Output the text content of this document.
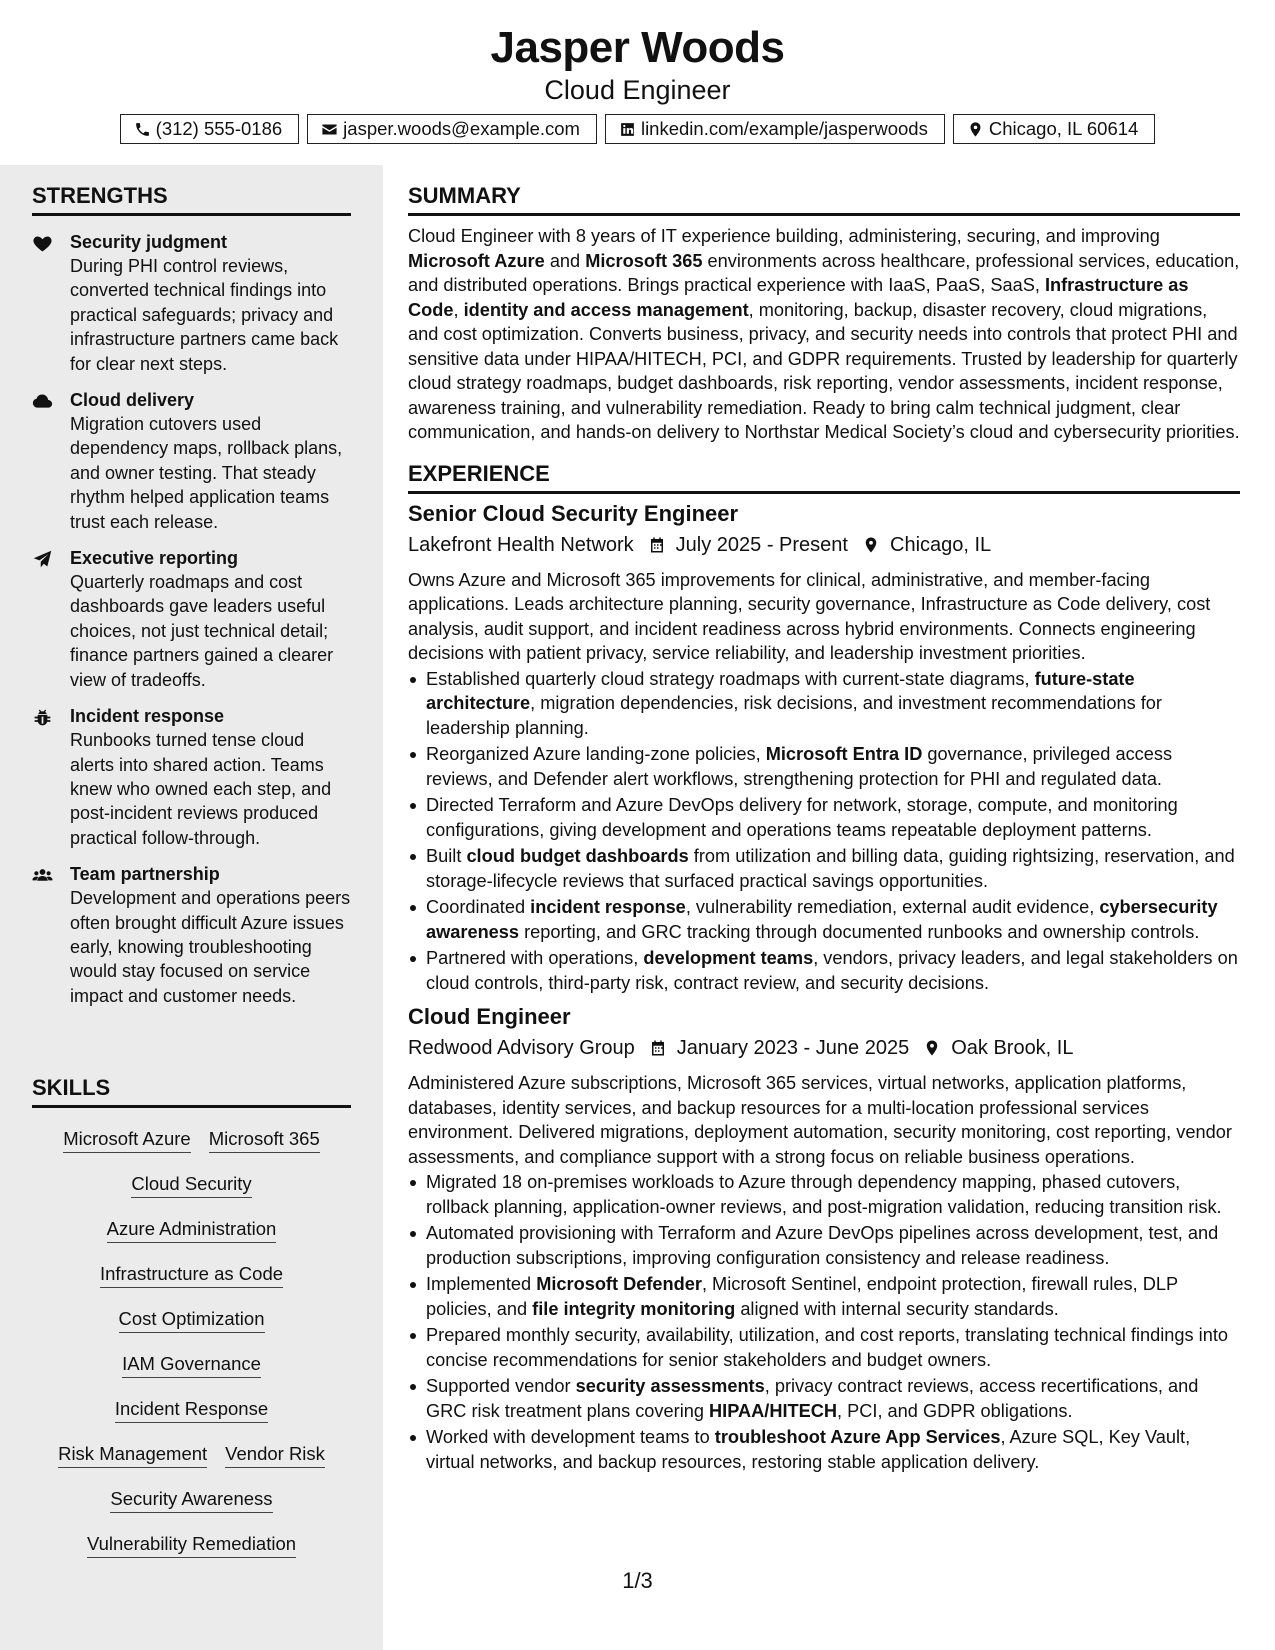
Jasper Woods
Cloud Engineer
(312) 555-0186	jasper.woods@example.com	linkedin.com/example/jasperwoods	Chicago, IL 60614
STRENGTHS
Security judgment
During PHI control reviews, converted technical findings into practical safeguards; privacy and infrastructure partners came back for clear next steps.
Cloud delivery
Migration cutovers used dependency maps, rollback plans, and owner testing. That steady rhythm helped application teams trust each release.
Executive reporting
Quarterly roadmaps and cost dashboards gave leaders useful choices, not just technical detail; finance partners gained a clearer view of tradeoffs.
Incident response
Runbooks turned tense cloud alerts into shared action. Teams knew who owned each step, and post-incident reviews produced practical follow-through.
Team partnership
Development and operations peers often brought difficult Azure issues early, knowing troubleshooting would stay focused on service impact and customer needs.
SKILLS
Microsoft Azure Microsoft 365
Cloud Security
Azure Administration
Infrastructure as Code
Cost Optimization
IAM Governance
Incident Response
Risk Management Vendor Risk
Security Awareness
Vulnerability Remediation
SUMMARY
Cloud Engineer with 8 years of IT experience building, administering, securing, and improving Microsoft Azure and Microsoft 365 environments across healthcare, professional services, education, and distributed operations. Brings practical experience with IaaS, PaaS, SaaS, Infrastructure as Code, identity and access management, monitoring, backup, disaster recovery, cloud migrations, and cost optimization. Converts business, privacy, and security needs into controls that protect PHI and sensitive data under HIPAA/HITECH, PCI, and GDPR requirements. Trusted by leadership for quarterly cloud strategy roadmaps, budget dashboards, risk reporting, vendor assessments, incident response, awareness training, and vulnerability remediation. Ready to bring calm technical judgment, clear communication, and hands-on delivery to Northstar Medical Society’s cloud and cybersecurity priorities.
EXPERIENCE
Senior Cloud Security Engineer
Lakefront Health Network July 2025 - Present Chicago, IL
Owns Azure and Microsoft 365 improvements for clinical, administrative, and member-facing applications. Leads architecture planning, security governance, Infrastructure as Code delivery, cost analysis, audit support, and incident readiness across hybrid environments. Connects engineering decisions with patient privacy, service reliability, and leadership investment priorities.
Established quarterly cloud strategy roadmaps with current-state diagrams, future-state architecture, migration dependencies, risk decisions, and investment recommendations for leadership planning.
Reorganized Azure landing-zone policies, Microsoft Entra ID governance, privileged access reviews, and Defender alert workflows, strengthening protection for PHI and regulated data.
Directed Terraform and Azure DevOps delivery for network, storage, compute, and monitoring configurations, giving development and operations teams repeatable deployment patterns.
Built cloud budget dashboards from utilization and billing data, guiding rightsizing, reservation, and storage-lifecycle reviews that surfaced practical savings opportunities.
Coordinated incident response, vulnerability remediation, external audit evidence, cybersecurity awareness reporting, and GRC tracking through documented runbooks and ownership controls.
Partnered with operations, development teams, vendors, privacy leaders, and legal stakeholders on cloud controls, third-party risk, contract review, and security decisions.
Cloud Engineer
Redwood Advisory Group January 2023 - June 2025 Oak Brook, IL
Administered Azure subscriptions, Microsoft 365 services, virtual networks, application platforms, databases, identity services, and backup resources for a multi-location professional services environment. Delivered migrations, deployment automation, security monitoring, cost reporting, vendor assessments, and compliance support with a strong focus on reliable business operations.
Migrated 18 on-premises workloads to Azure through dependency mapping, phased cutovers, rollback planning, application-owner reviews, and post-migration validation, reducing transition risk.
Automated provisioning with Terraform and Azure DevOps pipelines across development, test, and production subscriptions, improving configuration consistency and release readiness.
Implemented Microsoft Defender, Microsoft Sentinel, endpoint protection, firewall rules, DLP policies, and file integrity monitoring aligned with internal security standards.
Prepared monthly security, availability, utilization, and cost reports, translating technical findings into concise recommendations for senior stakeholders and budget owners.
Supported vendor security assessments, privacy contract reviews, access recertifications, and GRC risk treatment plans covering HIPAA/HITECH, PCI, and GDPR obligations.
Worked with development teams to troubleshoot Azure App Services, Azure SQL, Key Vault, virtual networks, and backup resources, restoring stable application delivery.
1/3
